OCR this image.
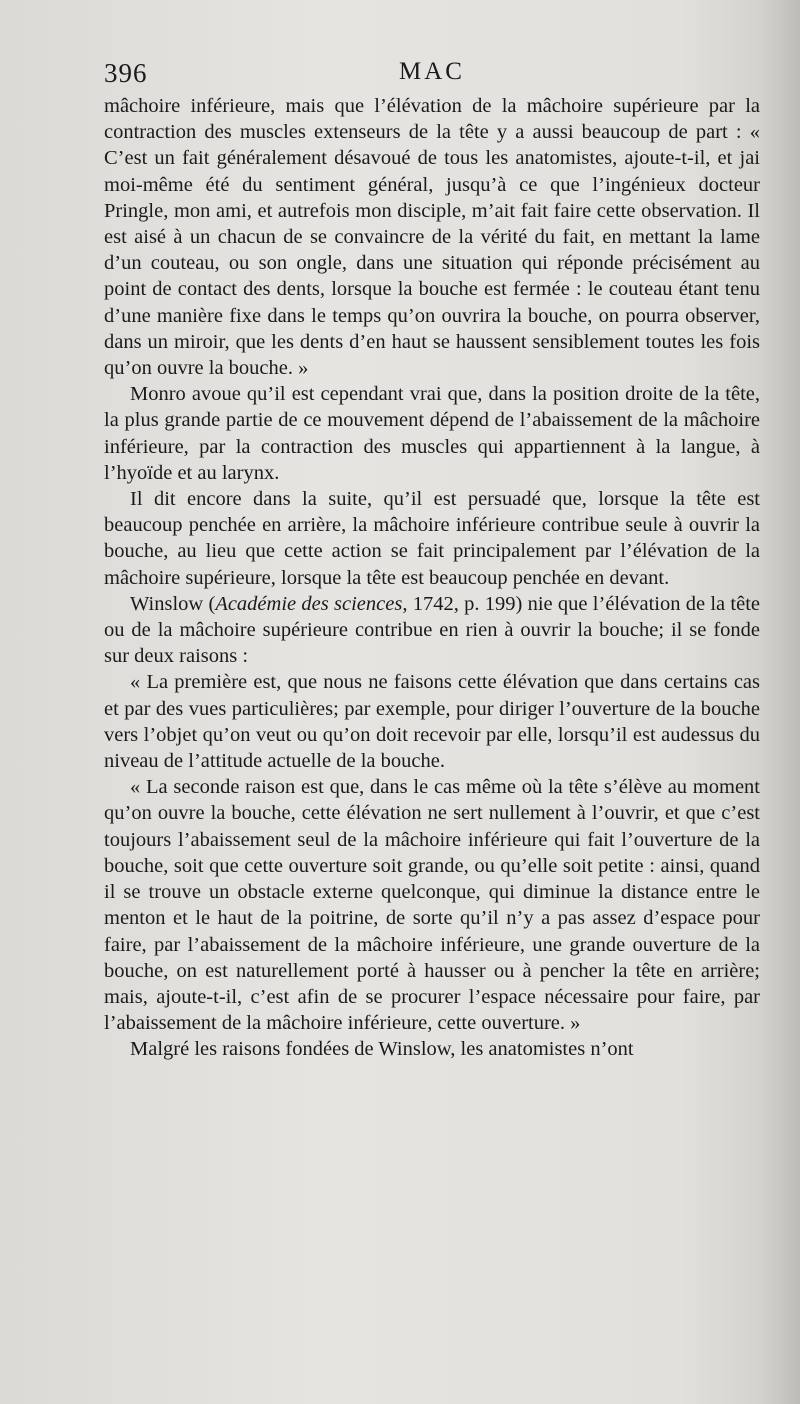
396	MAC

mâchoire inférieure, mais que l’élévation de la mâchoire supérieure par la contraction des muscles extenseurs de la tête y a aussi beaucoup de part : « C’est un fait généralement désavoué de tous les anatomistes, ajoute-t-il, et jai moi-même été du sentiment général, jusqu’à ce que l’ingénieux docteur Pringle, mon ami, et autrefois mon disciple, m’ait fait faire cette observation. Il est aisé à un chacun de se convaincre de la vérité du fait, en mettant la lame d’un couteau, ou son ongle, dans une situation qui réponde précisément au point de contact des dents, lorsque la bouche est fermée : le couteau étant tenu d’une manière fixe dans le temps qu’on ouvrira la bouche, on pourra observer, dans un miroir, que les dents d’en haut se haussent sensiblement toutes les fois qu’on ouvre la bouche. »

Monro avoue qu’il est cependant vrai que, dans la position droite de la tête, la plus grande partie de ce mouvement dépend de l’abaissement de la mâchoire inférieure, par la contraction des muscles qui appartiennent à la langue, à l’hyoïde et au larynx.

Il dit encore dans la suite, qu’il est persuadé que, lorsque la tête est beaucoup penchée en arrière, la mâchoire inférieure contribue seule à ouvrir la bouche, au lieu que cette action se fait principalement par l’élévation de la mâchoire supérieure, lorsque la tête est beaucoup penchée en devant.

Winslow (Académie des sciences, 1742, p. 199) nie que l’élévation de la tête ou de la mâchoire supérieure contribue en rien à ouvrir la bouche; il se fonde sur deux raisons :

« La première est, que nous ne faisons cette élévation que dans certains cas et par des vues particulières; par exemple, pour diriger l’ouverture de la bouche vers l’objet qu’on veut ou qu’on doit recevoir par elle, lorsqu’il est audessus du niveau de l’attitude actuelle de la bouche.

« La seconde raison est que, dans le cas même où la tête s’élève au moment qu’on ouvre la bouche, cette élévation ne sert nullement à l’ouvrir, et que c’est toujours l’abaissement seul de la mâchoire inférieure qui fait l’ouverture de la bouche, soit que cette ouverture soit grande, ou qu’elle soit petite : ainsi, quand il se trouve un obstacle externe quelconque, qui diminue la distance entre le menton et le haut de la poitrine, de sorte qu’il n’y a pas assez d’espace pour faire, par l’abaissement de la mâchoire inférieure, une grande ouverture de la bouche, on est naturellement porté à hausser ou à pencher la tête en arrière; mais, ajoute-t-il, c’est afin de se procurer l’espace nécessaire pour faire, par l’abaissement de la mâchoire inférieure, cette ouverture. »

Malgré les raisons fondées de Winslow, les anatomistes n’ont
